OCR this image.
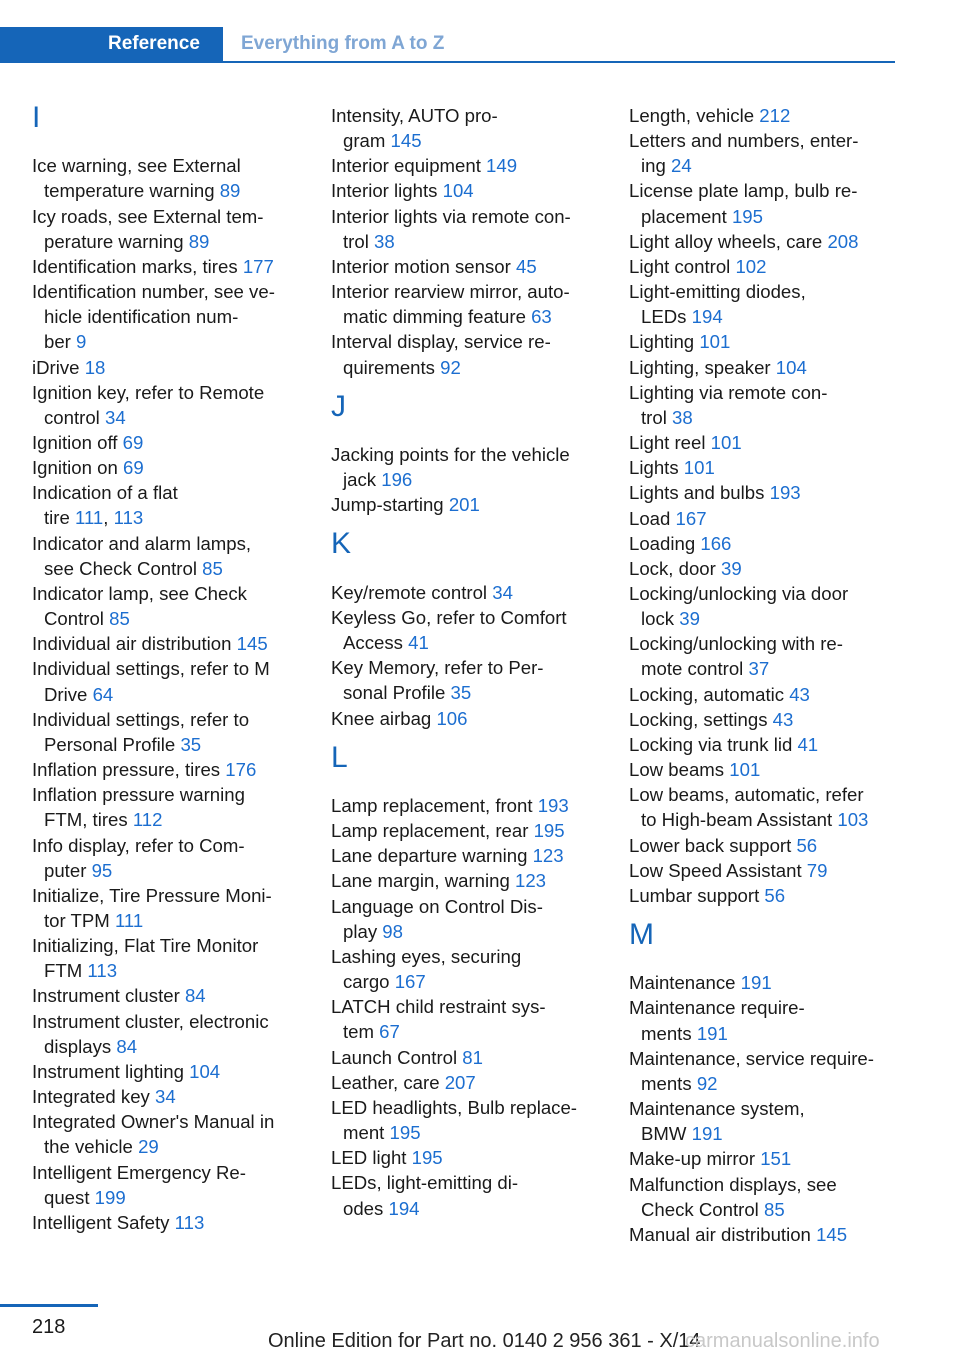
Reference	Everything from A to Z
I
Ice warning, see External
temperature warning 89
Icy roads, see External tem-
perature warning 89
Identification marks, tires 177
Identification number, see ve-
hicle identification num-
ber 9
iDrive 18
Ignition key, refer to Remote
control 34
Ignition off 69
Ignition on 69
Indication of a flat
tire 111, 113
Indicator and alarm lamps,
see Check Control 85
Indicator lamp, see Check
Control 85
Individual air distribution 145
Individual settings, refer to M
Drive 64
Individual settings, refer to
Personal Profile 35
Inflation pressure, tires 176
Inflation pressure warning
FTM, tires 112
Info display, refer to Com-
puter 95
Initialize, Tire Pressure Moni-
tor TPM 111
Initializing, Flat Tire Monitor
FTM 113
Instrument cluster 84
Instrument cluster, electronic
displays 84
Instrument lighting 104
Integrated key 34
Integrated Owner's Manual in
the vehicle 29
Intelligent Emergency Re-
quest 199
Intelligent Safety 113
Intensity, AUTO pro-
gram 145
Interior equipment 149
Interior lights 104
Interior lights via remote con-
trol 38
Interior motion sensor 45
Interior rearview mirror, auto-
matic dimming feature 63
Interval display, service re-
quirements 92
J
Jacking points for the vehicle
jack 196
Jump-starting 201
K
Key/remote control 34
Keyless Go, refer to Comfort
Access 41
Key Memory, refer to Per-
sonal Profile 35
Knee airbag 106
L
Lamp replacement, front 193
Lamp replacement, rear 195
Lane departure warning 123
Lane margin, warning 123
Language on Control Dis-
play 98
Lashing eyes, securing
cargo 167
LATCH child restraint sys-
tem 67
Launch Control 81
Leather, care 207
LED headlights, Bulb replace-
ment 195
LED light 195
LEDs, light-emitting di-
odes 194
Length, vehicle 212
Letters and numbers, enter-
ing 24
License plate lamp, bulb re-
placement 195
Light alloy wheels, care 208
Light control 102
Light-emitting diodes,
LEDs 194
Lighting 101
Lighting, speaker 104
Lighting via remote con-
trol 38
Light reel 101
Lights 101
Lights and bulbs 193
Load 167
Loading 166
Lock, door 39
Locking/unlocking via door
lock 39
Locking/unlocking with re-
mote control 37
Locking, automatic 43
Locking, settings 43
Locking via trunk lid 41
Low beams 101
Low beams, automatic, refer
to High-beam Assistant 103
Lower back support 56
Low Speed Assistant 79
Lumbar support 56
M
Maintenance 191
Maintenance require-
ments 191
Maintenance, service require-
ments 92
Maintenance system,
BMW 191
Make-up mirror 151
Malfunction displays, see
Check Control 85
Manual air distribution 145
218
Online Edition for Part no. 0140 2 956 361 - X/14
carmanualsonline.info
